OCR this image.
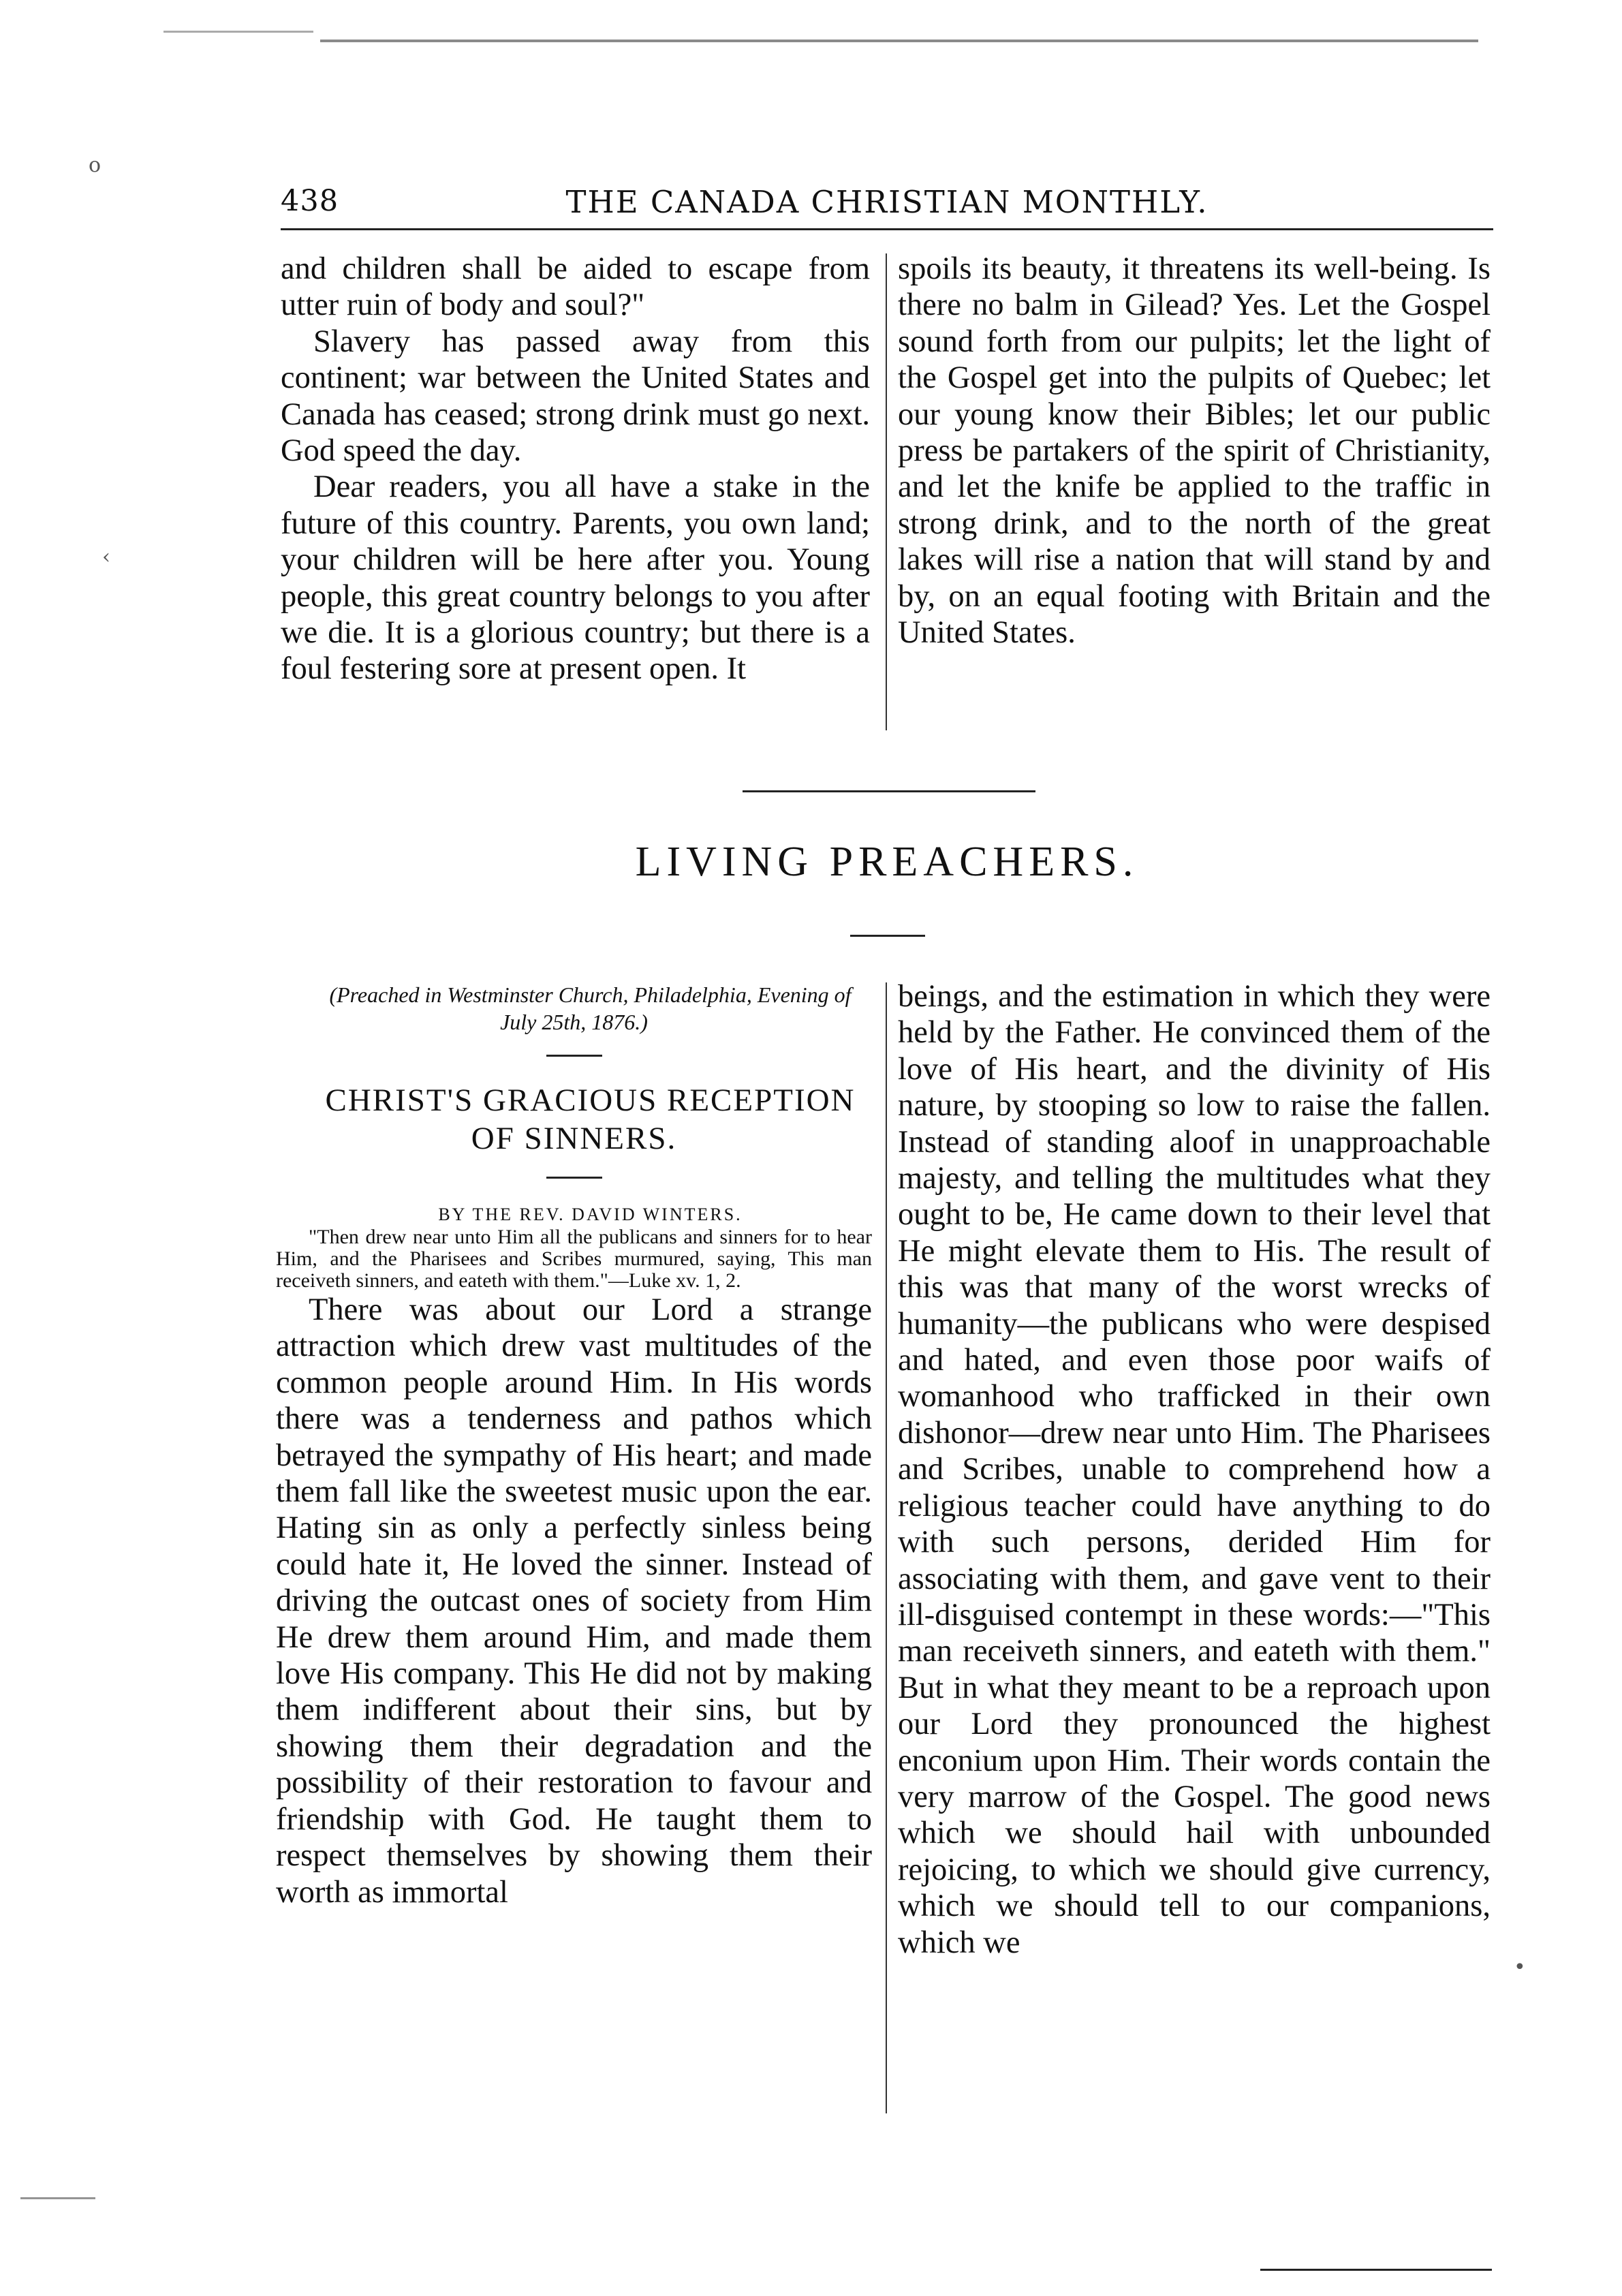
o
‹
•
438	THE CANADA CHRISTIAN MONTHLY.

and children shall be aided to escape from utter ruin of body and soul?"

Slavery has passed away from this continent; war between the United States and Canada has ceased; strong drink must go next. God speed the day.

Dear readers, you all have a stake in the future of this country. Parents, you own land; your children will be here after you. Young people, this great country belongs to you after we die. It is a glorious country; but there is a foul festering sore at present open. It

spoils its beauty, it threatens its well-being. Is there no balm in Gilead? Yes. Let the Gospel sound forth from our pulpits; let the light of the Gospel get into the pulpits of Quebec; let our young know their Bibles; let our public press be partakers of the spirit of Christianity, and let the knife be applied to the traffic in strong drink, and to the north of the great lakes will rise a nation that will stand by and by, on an equal footing with Britain and the United States.

LIVING PREACHERS.

(Preached in Westminster Church, Philadelphia, Evening of July 25th, 1876.)

CHRIST'S GRACIOUS RECEPTION OF SINNERS.

BY THE REV. DAVID WINTERS.

"Then drew near unto Him all the publicans and sinners for to hear Him, and the Pharisees and Scribes murmured, saying, This man receiveth sinners, and eateth with them."—Luke xv. 1, 2.

There was about our Lord a strange attraction which drew vast multitudes of the common people around Him. In His words there was a tenderness and pathos which betrayed the sympathy of His heart; and made them fall like the sweetest music upon the ear. Hating sin as only a perfectly sinless being could hate it, He loved the sinner. Instead of driving the outcast ones of society from Him He drew them around Him, and made them love His company. This He did not by making them indifferent about their sins, but by showing them their degradation and the possibility of their restoration to favour and friendship with God. He taught them to respect themselves by showing them their worth as immortal

beings, and the estimation in which they were held by the Father. He convinced them of the love of His heart, and the divinity of His nature, by stooping so low to raise the fallen. Instead of standing aloof in unapproachable majesty, and telling the multitudes what they ought to be, He came down to their level that He might elevate them to His. The result of this was that many of the worst wrecks of humanity—the publicans who were despised and hated, and even those poor waifs of womanhood who trafficked in their own dishonor—drew near unto Him. The Pharisees and Scribes, unable to comprehend how a religious teacher could have anything to do with such persons, derided Him for associating with them, and gave vent to their ill-disguised contempt in these words:—"This man receiveth sinners, and eateth with them." But in what they meant to be a reproach upon our Lord they pronounced the highest enconium upon Him. Their words contain the very marrow of the Gospel. The good news which we should hail with unbounded rejoicing, to which we should give currency, which we should tell to our companions, which we
